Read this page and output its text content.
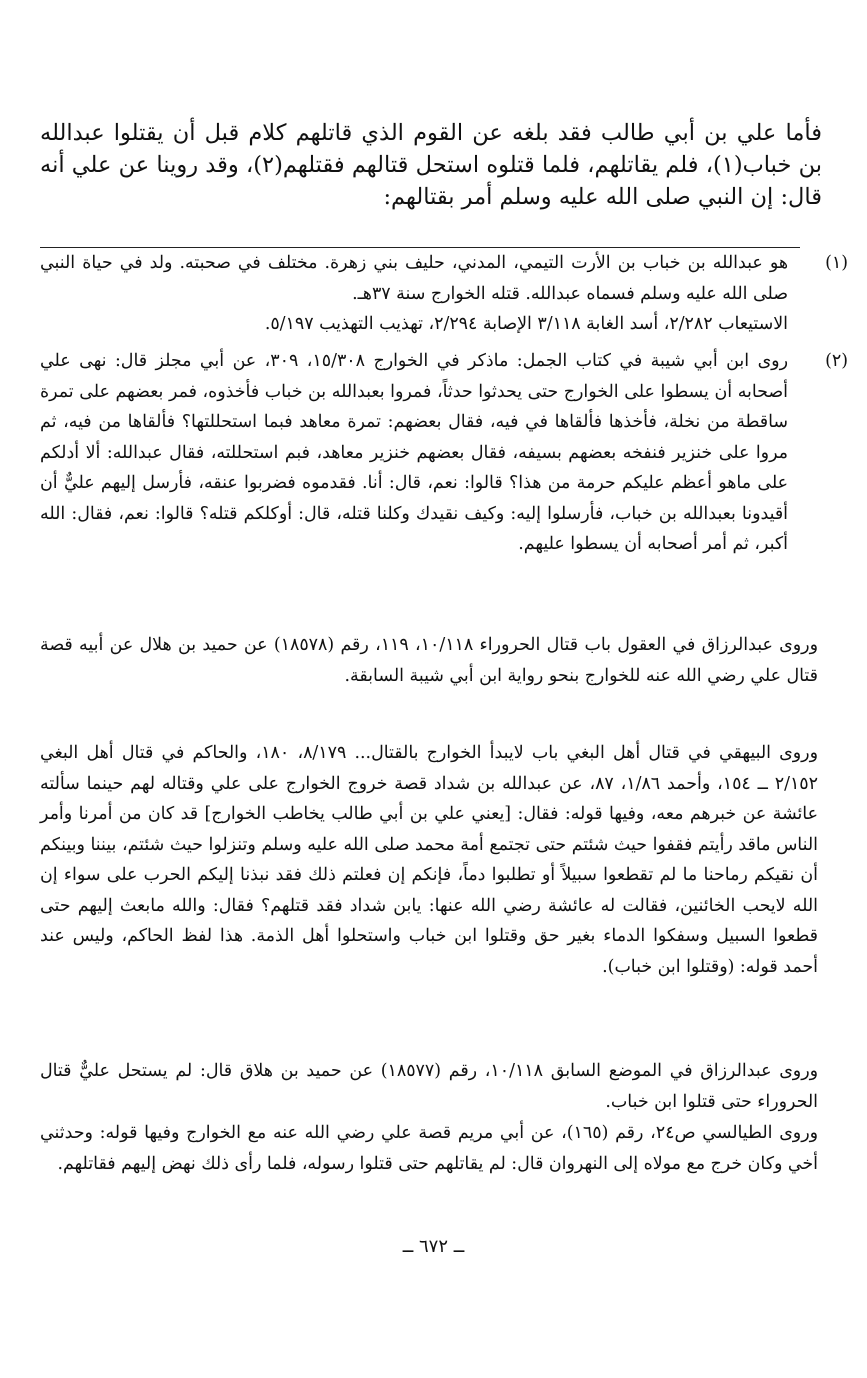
فأما علي بن أبي طالب فقد بلغه عن القوم الذي قاتلهم كلام قبل أن يقتلوا عبدالله بن خباب(١)، فلم يقاتلهم، فلما قتلوه استحل قتالهم فقتلهم(٢)، وقد روينا عن علي أنه قال: إن النبي صلى الله عليه وسلم أمر بقتالهم:

(١)

هو عبدالله بن خباب بن الأرت التيمي، المدني، حليف بني زهرة. مختلف في صحبته. ولد في حياة النبي صلى الله عليه وسلم فسماه عبدالله. قتله الخوارج سنة ٣٧هـ.

الاستيعاب ٢/٢٨٢، أسد الغابة ٣/١١٨ الإصابة ٢/٢٩٤، تهذيب التهذيب ٥/١٩٧.

(٢)

روى ابن أبي شيبة في كتاب الجمل: ماذكر في الخوارج ١٥/٣٠٨، ٣٠٩، عن أبي مجلز قال: نهى علي أصحابه أن يسطوا على الخوارج حتى يحدثوا حدثاً، فمروا بعبدالله بن خباب فأخذوه، فمر بعضهم على تمرة ساقطة من نخلة، فأخذها فألقاها في فيه، فقال بعضهم: تمرة معاهد فبما استحللتها؟ فألقاها من فيه، ثم مروا على خنزير فنفخه بعضهم بسيفه، فقال بعضهم خنزير معاهد، فبم استحللته، فقال عبدالله: ألا أدلكم على ماهو أعظم عليكم حرمة من هذا؟ قالوا: نعم، قال: أنا. فقدموه فضربوا عنقه، فأرسل إليهم عليٌّ أن أقيدونا بعبدالله بن خباب، فأرسلوا إليه: وكيف نقيدك وكلنا قتله، قال: أوكلكم قتله؟ قالوا: نعم، فقال: الله أكبر، ثم أمر أصحابه أن يسطوا عليهم.

وروى عبدالرزاق في العقول باب قتال الحروراء ١٠/١١٨، ١١٩، رقم (١٨٥٧٨) عن حميد بن هلال عن أبيه قصة قتال علي رضي الله عنه للخوارج بنحو رواية ابن أبي شيبة السابقة.

وروى البيهقي في قتال أهل البغي باب لايبدأ الخوارج بالقتال... ٨/١٧٩، ١٨٠، والحاكم في قتال أهل البغي ٢/١٥٢ ــ ١٥٤، وأحمد ١/٨٦، ٨٧، عن عبدالله بن شداد قصة خروج الخوارج على علي وقتاله لهم حينما سألته عائشة عن خبرهم معه، وفيها قوله: فقال: [يعني علي بن أبي طالب يخاطب الخوارج] قد كان من أمرنا وأمر الناس ماقد رأيتم فقفوا حيث شئتم حتى تجتمع أمة محمد صلى الله عليه وسلم وتنزلوا حيث شئتم، بيننا وبينكم أن نقيكم رماحنا ما لم تقطعوا سبيلاً أو تطلبوا دماً، فإنكم إن فعلتم ذلك فقد نبذنا إليكم الحرب على سواء إن الله لايحب الخائنين، فقالت له عائشة رضي الله عنها: يابن شداد فقد قتلهم؟ فقال: والله مابعث إليهم حتى قطعوا السبيل وسفكوا الدماء بغير حق وقتلوا ابن خباب واستحلوا أهل الذمة. هذا لفظ الحاكم، وليس عند أحمد قوله: (وقتلوا ابن خباب).

وروى عبدالرزاق في الموضع السابق ١٠/١١٨، رقم (١٨٥٧٧) عن حميد بن هلاق قال: لم يستحل عليٌّ قتال الحروراء حتى قتلوا ابن خباب.

وروى الطيالسي ص٢٤، رقم (١٦٥)، عن أبي مريم قصة علي رضي الله عنه مع الخوارج وفيها قوله: وحدثني أخي وكان خرج مع مولاه إلى النهروان قال: لم يقاتلهم حتى قتلوا رسوله، فلما رأى ذلك نهض إليهم فقاتلهم.

ــ ٦٧٢ ــ
